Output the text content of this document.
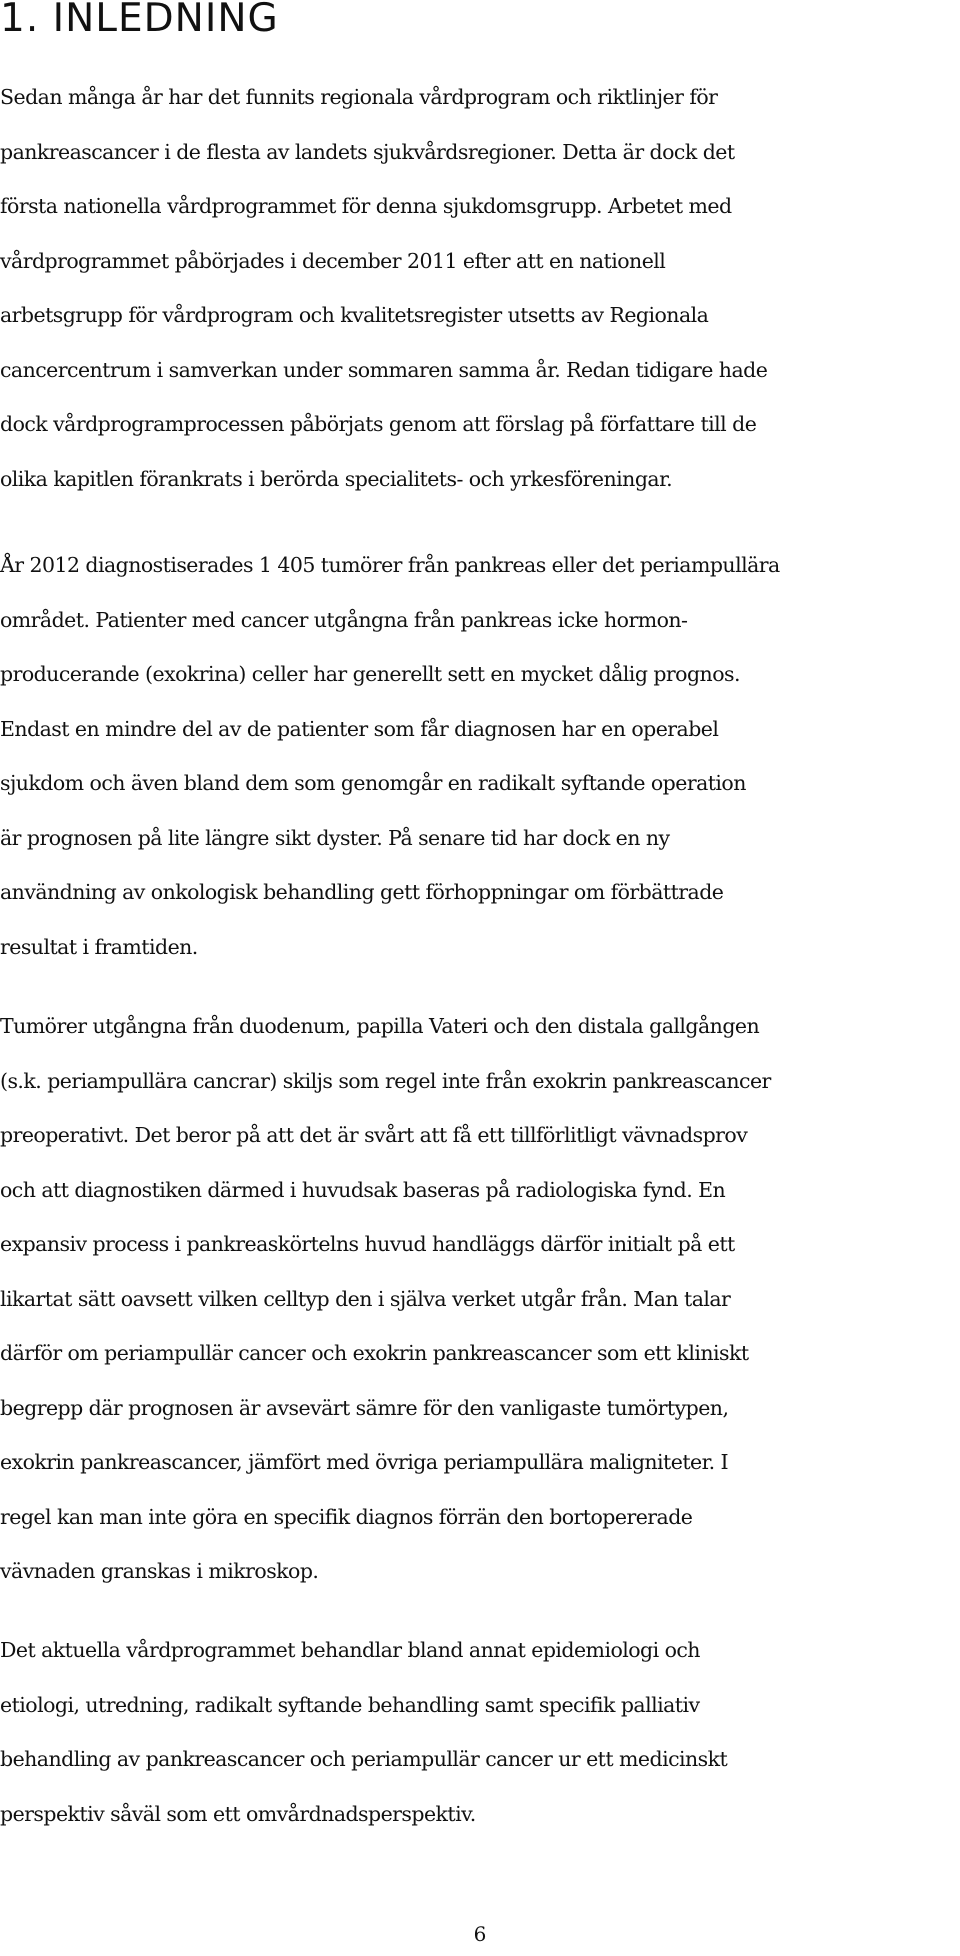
1. INLEDNING

Sedan många år har det funnits regionala vårdprogram och riktlinjer för
pankreascancer i de flesta av landets sjukvårdsregioner. Detta är dock det
första nationella vårdprogrammet för denna sjukdomsgrupp. Arbetet med
vårdprogrammet påbörjades i december 2011 efter att en nationell
arbetsgrupp för vårdprogram och kvalitetsregister utsetts av Regionala
cancercentrum i samverkan under sommaren samma år. Redan tidigare hade
dock vårdprogramprocessen påbörjats genom att förslag på författare till de
olika kapitlen förankrats i berörda specialitets- och yrkesföreningar.

År 2012 diagnostiserades 1 405 tumörer från pankreas eller det periampullära
området. Patienter med cancer utgångna från pankreas icke hormon-
producerande (exokrina) celler har generellt sett en mycket dålig prognos.
Endast en mindre del av de patienter som får diagnosen har en operabel
sjukdom och även bland dem som genomgår en radikalt syftande operation
är prognosen på lite längre sikt dyster. På senare tid har dock en ny
användning av onkologisk behandling gett förhoppningar om förbättrade
resultat i framtiden.

Tumörer utgångna från duodenum, papilla Vateri och den distala gallgången
(s.k. periampullära cancrar) skiljs som regel inte från exokrin pankreascancer
preoperativt. Det beror på att det är svårt att få ett tillförlitligt vävnadsprov
och att diagnostiken därmed i huvudsak baseras på radiologiska fynd. En
expansiv process i pankreaskörtelns huvud handläggs därför initialt på ett
likartat sätt oavsett vilken celltyp den i själva verket utgår från. Man talar
därför om periampullär cancer och exokrin pankreascancer som ett kliniskt
begrepp där prognosen är avsevärt sämre för den vanligaste tumörtypen,
exokrin pankreascancer, jämfört med övriga periampullära maligniteter. I
regel kan man inte göra en specifik diagnos förrän den bortopererade
vävnaden granskas i mikroskop.

Det aktuella vårdprogrammet behandlar bland annat epidemiologi och
etiologi, utredning, radikalt syftande behandling samt specifik palliativ
behandling av pankreascancer och periampullär cancer ur ett medicinskt
perspektiv såväl som ett omvårdnadsperspektiv.

6
